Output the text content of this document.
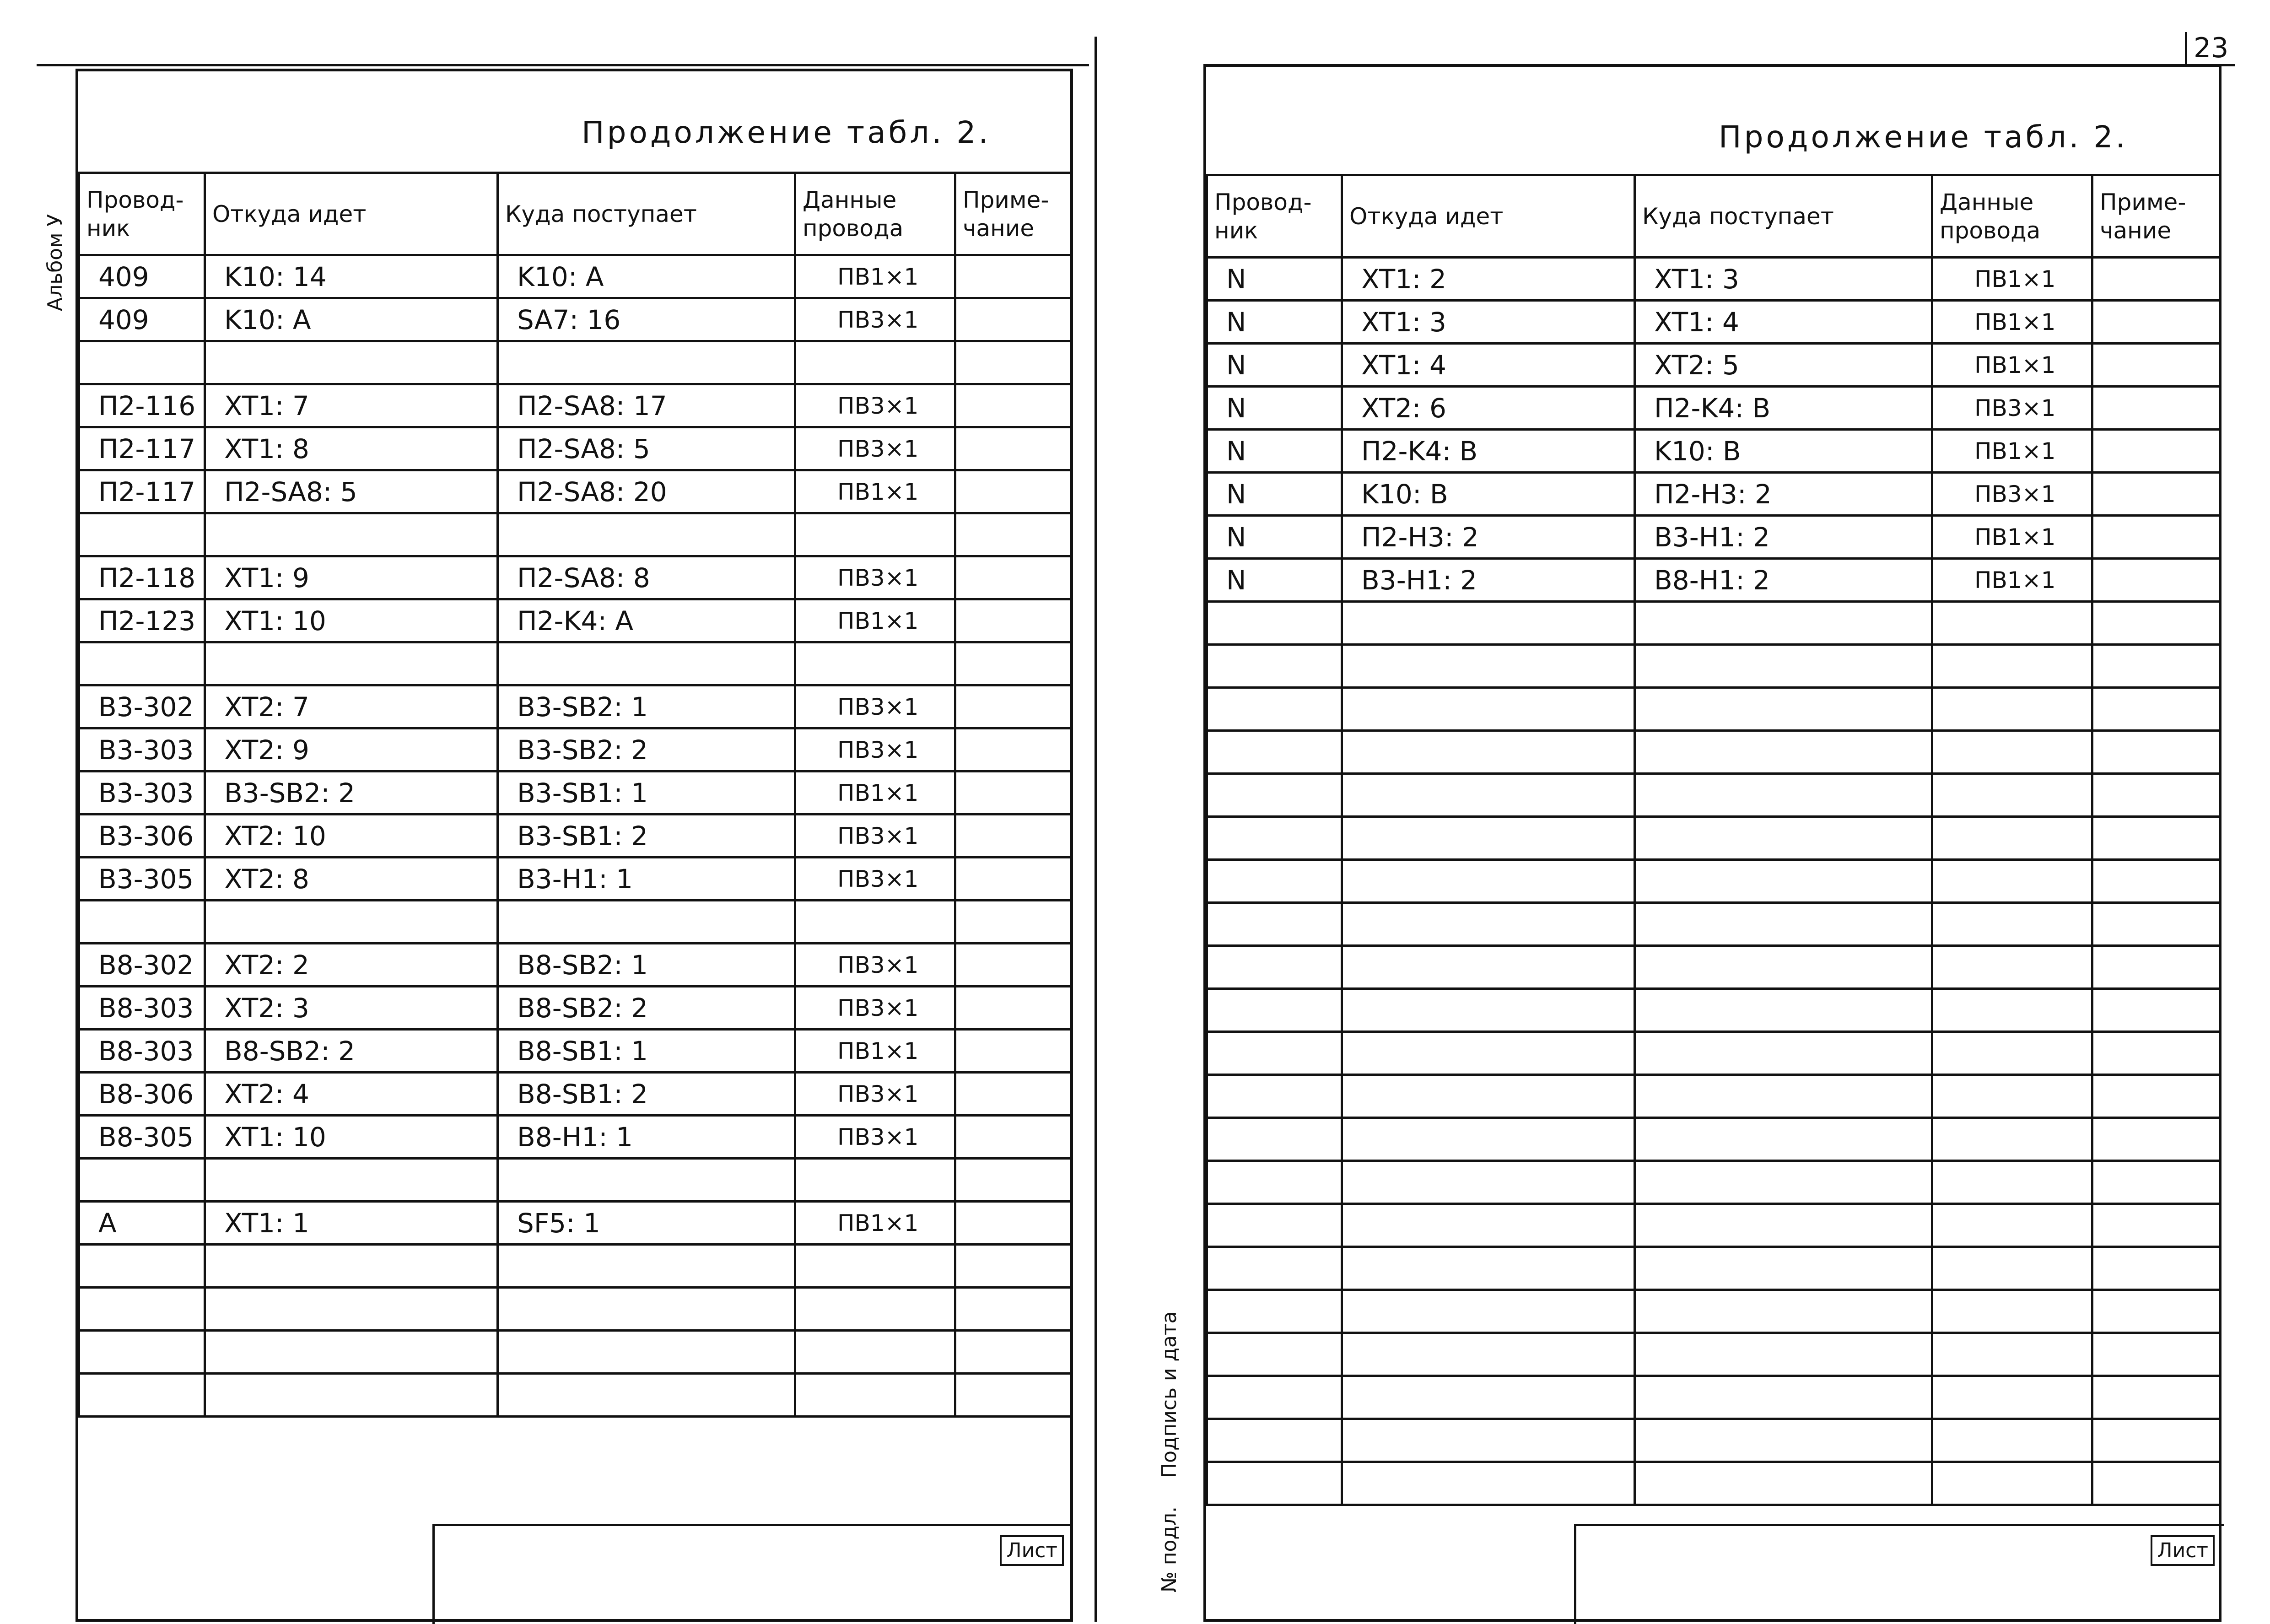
23
Альбом У
Подпись и дата
№ подл.
Продолжение табл. 2.
Провод-ник	Откуда идет	Куда поступает	Данные провода	Приме-чание
409	K10: 14	K10: A	ПВ1×1	
409	K10: A	SA7: 16	ПВ3×1	

П2-116	XT1: 7	П2-SA8: 17	ПВ3×1	
П2-117	XT1: 8	П2-SA8: 5	ПВ3×1	
П2-117	П2-SA8: 5	П2-SA8: 20	ПВ1×1	

П2-118	XT1: 9	П2-SA8: 8	ПВ3×1	
П2-123	XT1: 10	П2-K4: A	ПВ1×1	

B3-302	XT2: 7	B3-SB2: 1	ПВ3×1	
B3-303	XT2: 9	B3-SB2: 2	ПВ3×1	
B3-303	B3-SB2: 2	B3-SB1: 1	ПВ1×1	
B3-306	XT2: 10	B3-SB1: 2	ПВ3×1	
B3-305	XT2: 8	B3-H1: 1	ПВ3×1	

B8-302	XT2: 2	B8-SB2: 1	ПВ3×1	
B8-303	XT2: 3	B8-SB2: 2	ПВ3×1	
B8-303	B8-SB2: 2	B8-SB1: 1	ПВ1×1	
B8-306	XT2: 4	B8-SB1: 2	ПВ3×1	
B8-305	XT1: 10	B8-H1: 1	ПВ3×1	

A	XT1: 1	SF5: 1	ПВ1×1	

Лист
Продолжение табл. 2.
Провод-ник	Откуда идет	Куда поступает	Данные провода	Приме-чание
N	XT1: 2	XT1: 3	ПВ1×1	
N	XT1: 3	XT1: 4	ПВ1×1	
N	XT1: 4	XT2: 5	ПВ1×1	
N	XT2: 6	П2-K4: B	ПВ3×1	
N	П2-K4: B	K10: B	ПВ1×1	
N	K10: B	П2-H3: 2	ПВ3×1	
N	П2-H3: 2	B3-H1: 2	ПВ1×1	
N	B3-H1: 2	B8-H1: 2	ПВ1×1	

Лист
